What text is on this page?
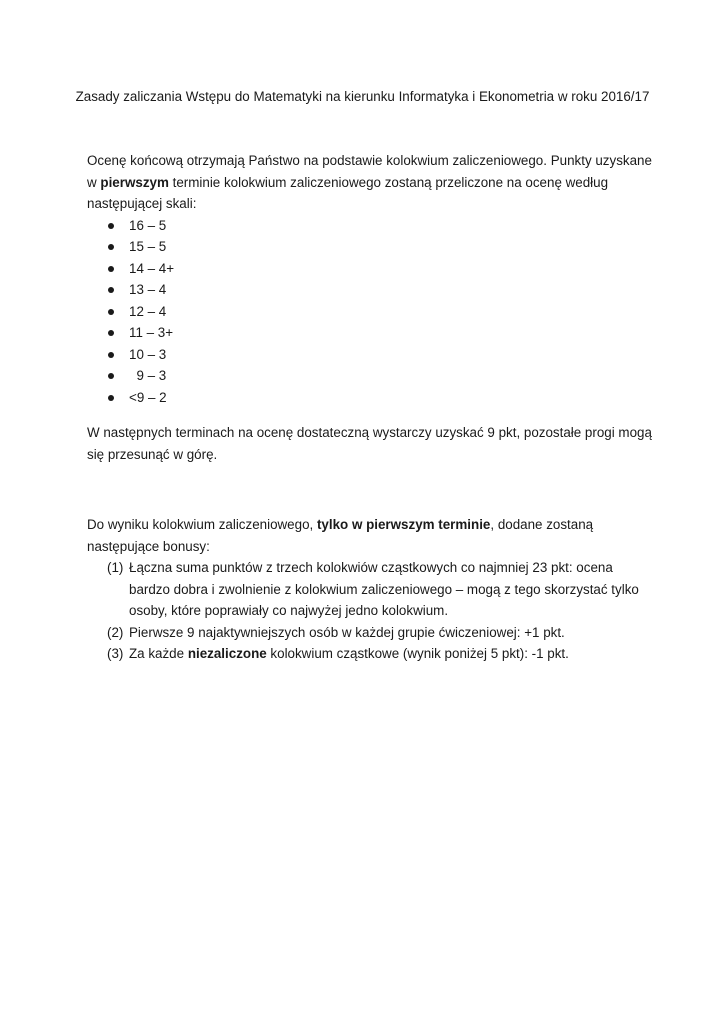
Zasady zaliczania Wstępu do Matematyki na kierunku Informatyka i Ekonometria w roku 2016/17

Ocenę końcową otrzymają Państwo na podstawie kolokwium zaliczeniowego. Punkty uzyskane w pierwszym terminie kolokwium zaliczeniowego zostaną przeliczone na ocenę według następującej skali:

16 – 5
15 – 5
14 – 4+
13 – 4
12 – 4
11 – 3+
10 – 3
9 – 3
<9 – 2

W następnych terminach na ocenę dostateczną wystarczy uzyskać 9 pkt, pozostałe progi mogą się przesunąć w górę.

Do wyniku kolokwium zaliczeniowego, tylko w pierwszym terminie, dodane zostaną następujące bonusy:

(1) Łączna suma punktów z trzech kolokwiów cząstkowych co najmniej 23 pkt: ocena bardzo dobra i zwolnienie z kolokwium zaliczeniowego – mogą z tego skorzystać tylko osoby, które poprawiały co najwyżej jedno kolokwium.
(2) Pierwsze 9 najaktywniejszych osób w każdej grupie ćwiczeniowej: +1 pkt.
(3) Za każde niezaliczone kolokwium cząstkowe (wynik poniżej 5 pkt): -1 pkt.
